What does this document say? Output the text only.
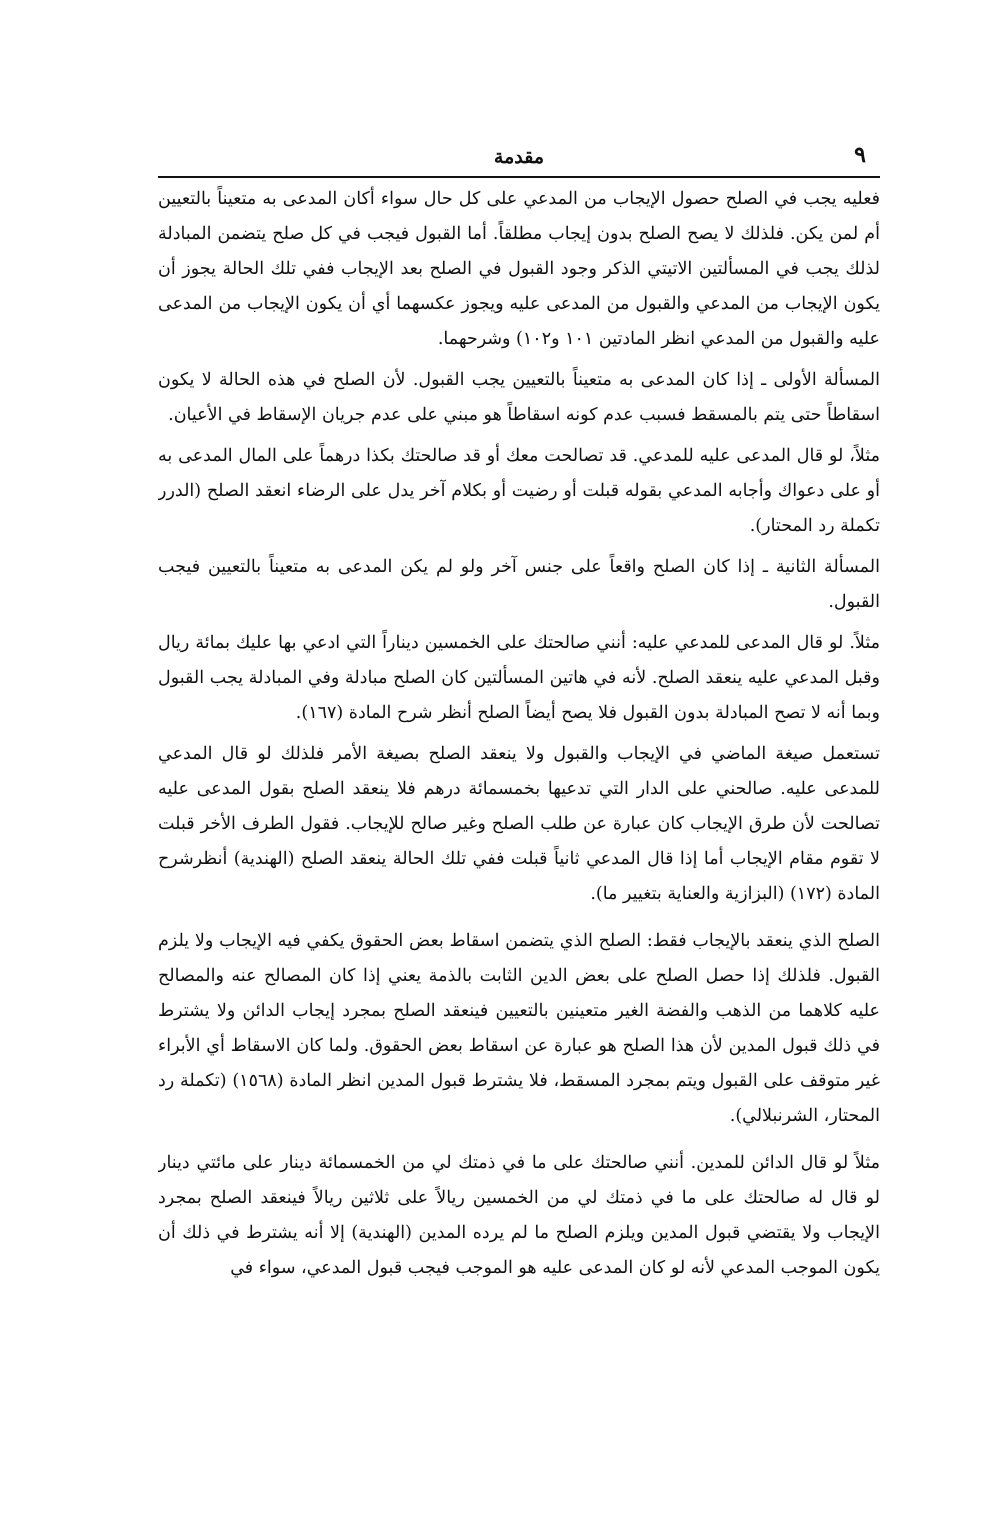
٩
مقدمة

فعليه يجب في الصلح حصول الإيجاب من المدعي على كل حال سواء أكان المدعى به متعيناً بالتعيين أم لمن يكن. فلذلك لا يصح الصلح بدون إيجاب مطلقاً. أما القبول فيجب في كل صلح يتضمن المبادلة لذلك يجب في المسألتين الاتيتي الذكر وجود القبول في الصلح بعد الإيجاب ففي تلك الحالة يجوز أن يكون الإيجاب من المدعي والقبول من المدعى عليه ويجوز عكسهما أي أن يكون الإيجاب من المدعى عليه والقبول من المدعي انظر المادتين ١٠١ و١٠٢) وشرحهما.

المسألة الأولى ـ إذا كان المدعى به متعيناً بالتعيين يجب القبول. لأن الصلح في هذه الحالة لا يكون اسقاطاً حتى يتم بالمسقط فسبب عدم كونه اسقاطاً هو مبني على عدم جريان الإسقاط في الأعيان.

مثلاً، لو قال المدعى عليه للمدعي. قد تصالحت معك أو قد صالحتك بكذا درهماً على المال المدعى به أو على دعواك وأجابه المدعي بقوله قبلت أو رضيت أو بكلام آخر يدل على الرضاء انعقد الصلح (الدرر تكملة رد المحتار).

المسألة الثانية ـ إذا كان الصلح واقعاً على جنس آخر ولو لم يكن المدعى به متعيناً بالتعيين فيجب القبول.

مثلاً. لو قال المدعى للمدعي عليه: أنني صالحتك على الخمسين ديناراً التي ادعي بها عليك بمائة ريال وقبل المدعي عليه ينعقد الصلح. لأنه في هاتين المسألتين كان الصلح مبادلة وفي المبادلة يجب القبول وبما أنه لا تصح المبادلة بدون القبول فلا يصح أيضاً الصلح أنظر شرح المادة (١٦٧).

تستعمل صيغة الماضي في الإيجاب والقبول ولا ينعقد الصلح بصيغة الأمر فلذلك لو قال المدعي للمدعى عليه. صالحني على الدار التي تدعيها بخمسمائة درهم فلا ينعقد الصلح بقول المدعى عليه تصالحت لأن طرق الإيجاب كان عبارة عن طلب الصلح وغير صالح للإيجاب. فقول الطرف الأخر قبلت لا تقوم مقام الإيجاب أما إذا قال المدعي ثانياً قبلت ففي تلك الحالة ينعقد الصلح (الهندية) أنظرشرح المادة (١٧٢) (البزازية والعناية بتغيير ما).

الصلح الذي ينعقد بالإيجاب فقط: الصلح الذي يتضمن اسقاط بعض الحقوق يكفي فيه الإيجاب ولا يلزم القبول. فلذلك إذا حصل الصلح على بعض الدين الثابت بالذمة يعني إذا كان المصالح عنه والمصالح عليه كلاهما من الذهب والفضة الغير متعينين بالتعيين فينعقد الصلح بمجرد إيجاب الدائن ولا يشترط في ذلك قبول المدين لأن هذا الصلح هو عبارة عن اسقاط بعض الحقوق. ولما كان الاسقاط أي الأبراء غير متوقف على القبول ويتم بمجرد المسقط، فلا يشترط قبول المدين انظر المادة (١٥٦٨) (تكملة رد المحتار، الشرنبلالي).

مثلاً لو قال الدائن للمدين. أنني صالحتك على ما في ذمتك لي من الخمسمائة دينار على مائتي دينار لو قال له صالحتك على ما في ذمتك لي من الخمسين ريالاً على ثلاثين ريالاً فينعقد الصلح بمجرد الإيجاب ولا يقتضي قبول المدين ويلزم الصلح ما لم يرده المدين (الهندية) إلا أنه يشترط في ذلك أن يكون الموجب المدعي لأنه لو كان المدعى عليه هو الموجب فيجب قبول المدعي، سواء في
